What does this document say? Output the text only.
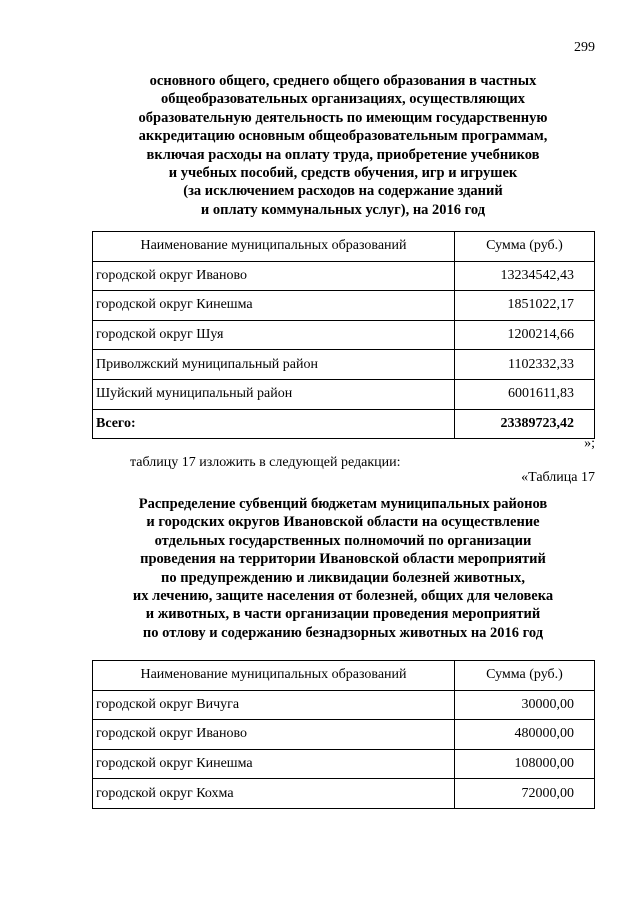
299
основного общего, среднего общего образования в частных
общеобразовательных организациях, осуществляющих
образовательную деятельность по имеющим государственную
аккредитацию основным общеобразовательным программам,
включая расходы на оплату труда, приобретение учебников
и учебных пособий, средств обучения, игр и игрушек
(за исключением расходов на содержание зданий
и оплату коммунальных услуг), на 2016 год
Наименование муниципальных образований	Сумма (руб.)
городской округ Иваново	13234542,43
городской округ Кинешма	1851022,17
городской округ Шуя	1200214,66
Приволжский муниципальный район	1102332,33
Шуйский муниципальный район	6001611,83
Всего:	23389723,42
»;
таблицу 17 изложить в следующей редакции:
«Таблица 17
Распределение субвенций бюджетам муниципальных районов
и городских округов Ивановской области на осуществление
отдельных государственных полномочий по организации
проведения на территории Ивановской области мероприятий
по предупреждению и ликвидации болезней животных,
их лечению, защите населения от болезней, общих для человека
и животных, в части организации проведения мероприятий
по отлову и содержанию безнадзорных животных на 2016 год
Наименование муниципальных образований	Сумма (руб.)
городской округ Вичуга	30000,00
городской округ Иваново	480000,00
городской округ Кинешма	108000,00
городской округ Кохма	72000,00
